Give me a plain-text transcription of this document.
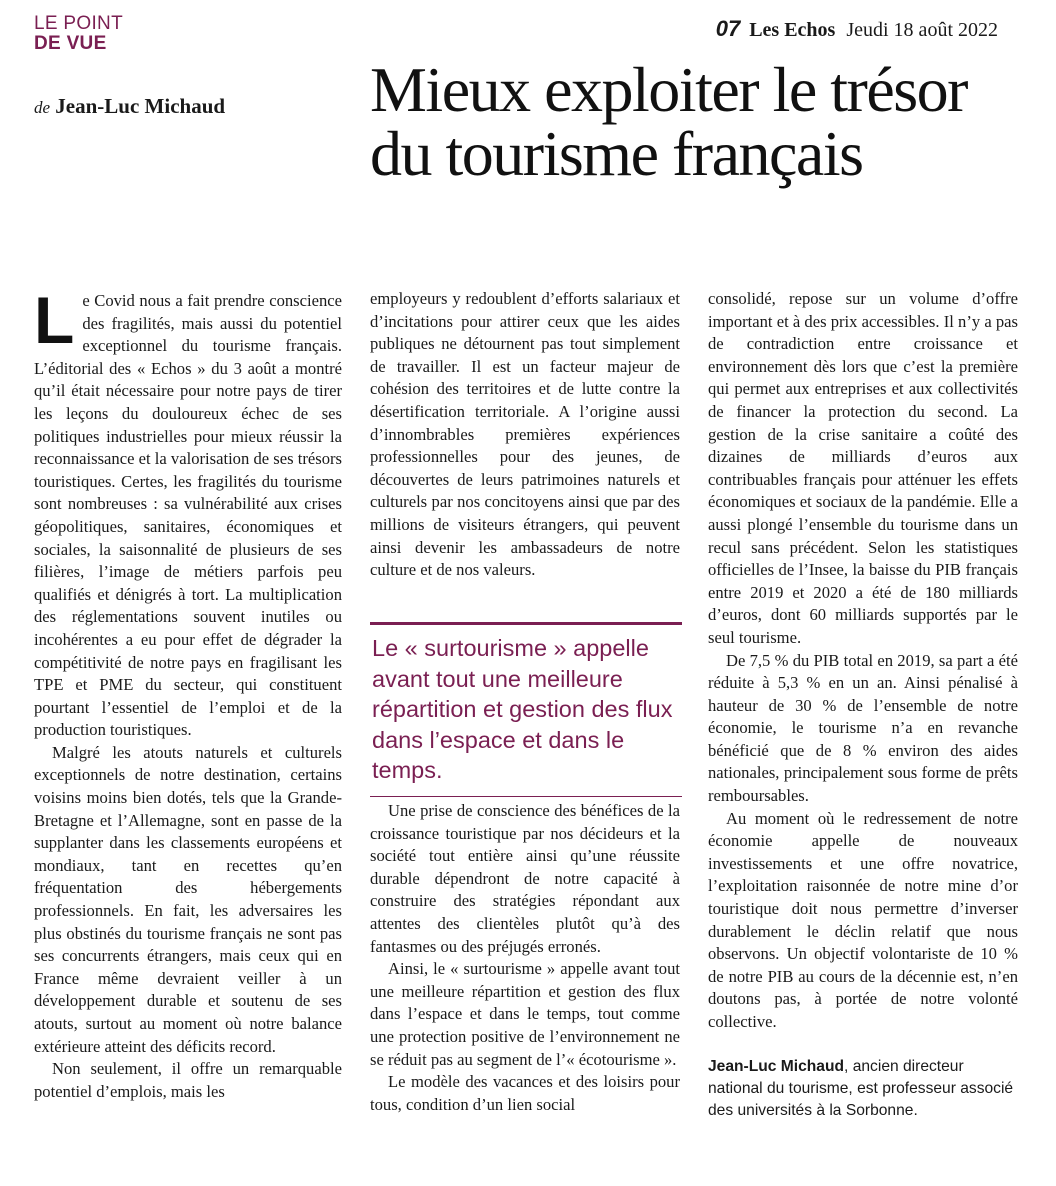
LE POINT
DE VUE
07 Les Echos Jeudi 18 août 2022
de Jean-Luc Michaud Mieux exploiter le trésor du tourisme français
L e Covid nous a fait prendre conscience des fragilités, mais aussi du potentiel exceptionnel du tourisme français. L’éditorial des « Echos » du 3 août a montré qu’il était nécessaire pour notre pays de tirer les leçons du douloureux échec de ses politiques industrielles pour mieux réussir la reconnaissance et la valorisation de ses trésors touristiques. Certes, les fragilités du tourisme sont nombreuses : sa vulnérabilité aux crises géopolitiques, sanitaires, économiques et sociales, la saisonnalité de plusieurs de ses filières, l’image de métiers parfois peu qualifiés et dénigrés à tort. La multiplication des réglementations souvent inutiles ou incohérentes a eu pour effet de dégrader la compétitivité de notre pays en fragilisant les TPE et PME du secteur, qui constituent pourtant l’essentiel de l’emploi et de la production touristiques.

Malgré les atouts naturels et culturels exceptionnels de notre destination, certains voisins moins bien dotés, tels que la Grande-Bretagne et l’Allemagne, sont en passe de la supplanter dans les classements européens et mondiaux, tant en recettes qu’en fréquentation des hébergements professionnels. En fait, les adversaires les plus obstinés du tourisme français ne sont pas ses concurrents étrangers, mais ceux qui en France même devraient veiller à un développement durable et soutenu de ses atouts, surtout au moment où notre balance extérieure atteint des déficits record.

Non seulement, il offre un remarquable potentiel d’emplois, mais les

employeurs y redoublent d’efforts salariaux et d’incitations pour attirer ceux que les aides publiques ne détournent pas tout simplement de travailler. Il est un facteur majeur de cohésion des territoires et de lutte contre la désertification territoriale. A l’origine aussi d’innombrables premières expériences professionnelles pour des jeunes, de découvertes de leurs patrimoines naturels et culturels par nos concitoyens ainsi que par des millions de visiteurs étrangers, qui peuvent ainsi devenir les ambassadeurs de notre culture et de nos valeurs.

Le « surtourisme » appelle avant tout une meilleure répartition et gestion des flux dans l’espace et dans le temps.

Une prise de conscience des bénéfices de la croissance touristique par nos décideurs et la société tout entière ainsi qu’une réussite durable dépendront de notre capacité à construire des stratégies répondant aux attentes des clientèles plutôt qu’à des fantasmes ou des préjugés erronés.

Ainsi, le « surtourisme » appelle avant tout une meilleure répartition et gestion des flux dans l’espace et dans le temps, tout comme une protection positive de l’environnement ne se réduit pas au segment de l’« écotourisme ».

Le modèle des vacances et des loisirs pour tous, condition d’un lien social

consolidé, repose sur un volume d’offre important et à des prix accessibles. Il n’y a pas de contradiction entre croissance et environnement dès lors que c’est la première qui permet aux entreprises et aux collectivités de financer la protection du second. La gestion de la crise sanitaire a coûté des dizaines de milliards d’euros aux contribuables français pour atténuer les effets économiques et sociaux de la pandémie. Elle a aussi plongé l’ensemble du tourisme dans un recul sans précédent. Selon les statistiques officielles de l’Insee, la baisse du PIB français entre 2019 et 2020 a été de 180 milliards d’euros, dont 60 milliards supportés par le seul tourisme.

De 7,5 % du PIB total en 2019, sa part a été réduite à 5,3 % en un an. Ainsi pénalisé à hauteur de 30 % de l’ensemble de notre économie, le tourisme n’a en revanche bénéficié que de 8 % environ des aides nationales, principalement sous forme de prêts remboursables.

Au moment où le redressement de notre économie appelle de nouveaux investissements et une offre novatrice, l’exploitation raisonnée de notre mine d’or touristique doit nous permettre d’inverser durablement le déclin relatif que nous observons. Un objectif volontariste de 10 % de notre PIB au cours de la décennie est, n’en doutons pas, à portée de notre volonté collective.

Jean-Luc Michaud, ancien directeur national du tourisme, est professeur associé des universités à la Sorbonne.
